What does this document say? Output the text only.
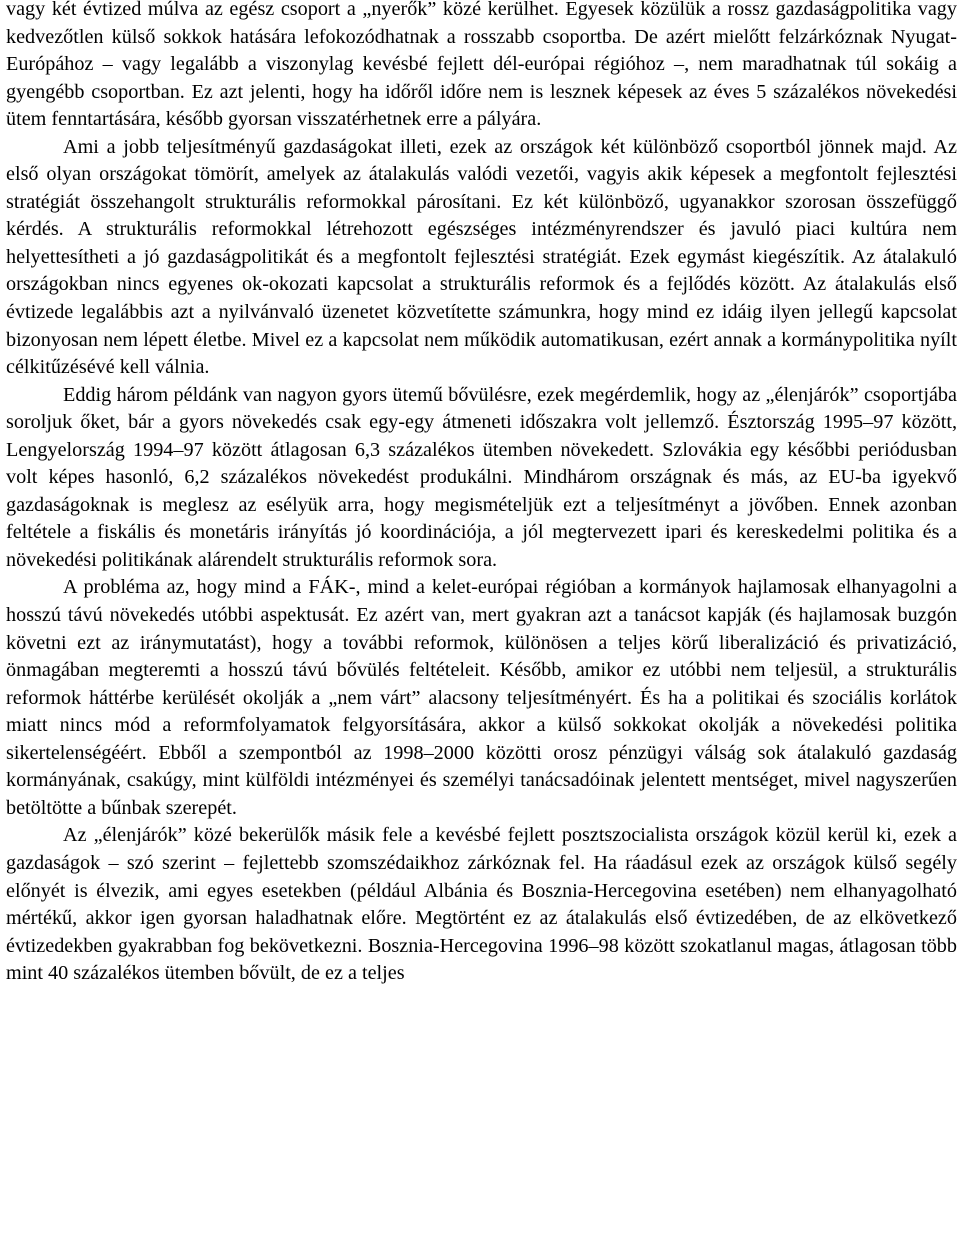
vagy két évtized múlva az egész csoport a „nyerők” közé kerülhet. Egyesek közülük a rossz gazdaságpolitika vagy kedvezőtlen külső sokkok hatására lefokozódhatnak a rosszabb csoportba. De azért mielőtt felzárkóznak Nyugat-Európához – vagy legalább a viszonylag kevésbé fejlett dél-európai régióhoz –, nem maradhatnak túl sokáig a gyengébb csoportban. Ez azt jelenti, hogy ha időről időre nem is lesznek képesek az éves 5 százalékos növekedési ütem fenntartására, később gyorsan visszatérhetnek erre a pályára.

Ami a jobb teljesítményű gazdaságokat illeti, ezek az országok két különböző csoportból jönnek majd. Az első olyan országokat tömörít, amelyek az átalakulás valódi vezetői, vagyis akik képesek a megfontolt fejlesztési stratégiát összehangolt strukturális reformokkal párosítani. Ez két különböző, ugyanakkor szorosan összefüggő kérdés. A strukturális reformokkal létrehozott egészséges intézményrendszer és javuló piaci kultúra nem helyettesítheti a jó gazdaságpolitikát és a megfontolt fejlesztési stratégiát. Ezek egymást kiegészítik. Az átalakuló országokban nincs egyenes ok-okozati kapcsolat a strukturális reformok és a fejlődés között. Az átalakulás első évtizede legalábbis azt a nyilvánvaló üzenetet közvetítette számunkra, hogy mind ez idáig ilyen jellegű kapcsolat bizonyosan nem lépett életbe. Mivel ez a kapcsolat nem működik automatikusan, ezért annak a kormánypolitika nyílt célkitűzésévé kell válnia.

Eddig három példánk van nagyon gyors ütemű bővülésre, ezek megérdemlik, hogy az „élenjárók” csoportjába soroljuk őket, bár a gyors növekedés csak egy-egy átmeneti időszakra volt jellemző. Észtország 1995–97 között, Lengyelország 1994–97 között átlagosan 6,3 százalékos ütemben növekedett. Szlovákia egy későbbi periódusban volt képes hasonló, 6,2 százalékos növekedést produkálni. Mindhárom országnak és más, az EU-ba igyekvő gazdaságoknak is meglesz az esélyük arra, hogy megismételjük ezt a teljesítményt a jövőben. Ennek azonban feltétele a fiskális és monetáris irányítás jó koordinációja, a jól megtervezett ipari és kereskedelmi politika és a növekedési politikának alárendelt strukturális reformok sora.

A probléma az, hogy mind a FÁK-, mind a kelet-európai régióban a kormányok hajlamosak elhanyagolni a hosszú távú növekedés utóbbi aspektusát. Ez azért van, mert gyakran azt a tanácsot kapják (és hajlamosak buzgón követni ezt az iránymutatást), hogy a további reformok, különösen a teljes körű liberalizáció és privatizáció, önmagában megteremti a hosszú távú bővülés feltételeit. Később, amikor ez utóbbi nem teljesül, a strukturális reformok háttérbe kerülését okolják a „nem várt” alacsony teljesítményért. És ha a politikai és szociális korlátok miatt nincs mód a reformfolyamatok felgyorsítására, akkor a külső sokkokat okolják a növekedési politika sikertelenségéért. Ebből a szempontból az 1998–2000 közötti orosz pénzügyi válság sok átalakuló gazdaság kormányának, csakúgy, mint külföldi intézményei és személyi tanácsadóinak jelentett mentséget, mivel nagyszerűen betöltötte a bűnbak szerepét.

Az „élenjárók” közé bekerülők másik fele a kevésbé fejlett posztszocialista országok közül kerül ki, ezek a gazdaságok – szó szerint – fejlettebb szomszédaikhoz zárkóznak fel. Ha ráadásul ezek az országok külső segély előnyét is élvezik, ami egyes esetekben (például Albánia és Bosznia-Hercegovina esetében) nem elhanyagolható mértékű, akkor igen gyorsan haladhatnak előre. Megtörtént ez az átalakulás első évtizedében, de az elkövetkező évtizedekben gyakrabban fog bekövetkezni. Bosznia-Hercegovina 1996–98 között szokatlanul magas, átlagosan több mint 40 százalékos ütemben bővült, de ez a teljes
